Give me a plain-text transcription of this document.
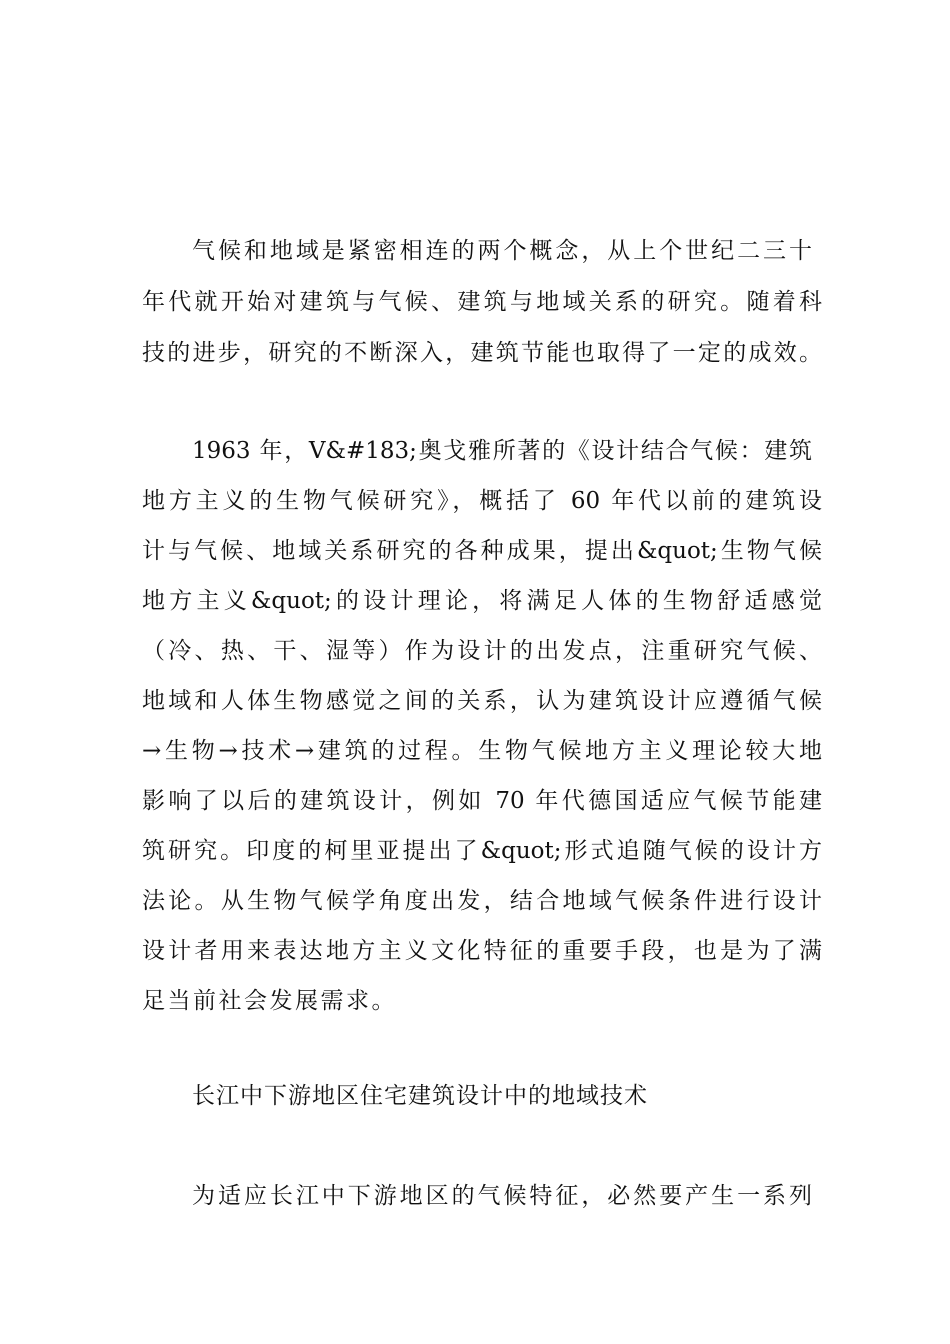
气候和地域是紧密相连的两个概念，从上个世纪二三十
年代就开始对建筑与气候、建筑与地域关系的研究。随着科
技的进步，研究的不断深入，建筑节能也取得了一定的成效。
1963 年，V&#183;奥戈雅所著的《设计结合气候：建筑
地方主义的生物气候研究》，概括了 60 年代以前的建筑设
计与气候、地域关系研究的各种成果，提出&quot;生物气候
地方主义&quot;的设计理论，将满足人体的生物舒适感觉
（冷、热、干、湿等）作为设计的出发点，注重研究气候、
地域和人体生物感觉之间的关系，认为建筑设计应遵循气候
→生物→技术→建筑的过程。生物气候地方主义理论较大地
影响了以后的建筑设计，例如 70 年代德国适应气候节能建
筑研究。印度的柯里亚提出了&quot;形式追随气候的设计方
法论。从生物气候学角度出发，结合地域气候条件进行设计
设计者用来表达地方主义文化特征的重要手段，也是为了满
足当前社会发展需求。
长江中下游地区住宅建筑设计中的地域技术
为适应长江中下游地区的气候特征，必然要产生一系列
